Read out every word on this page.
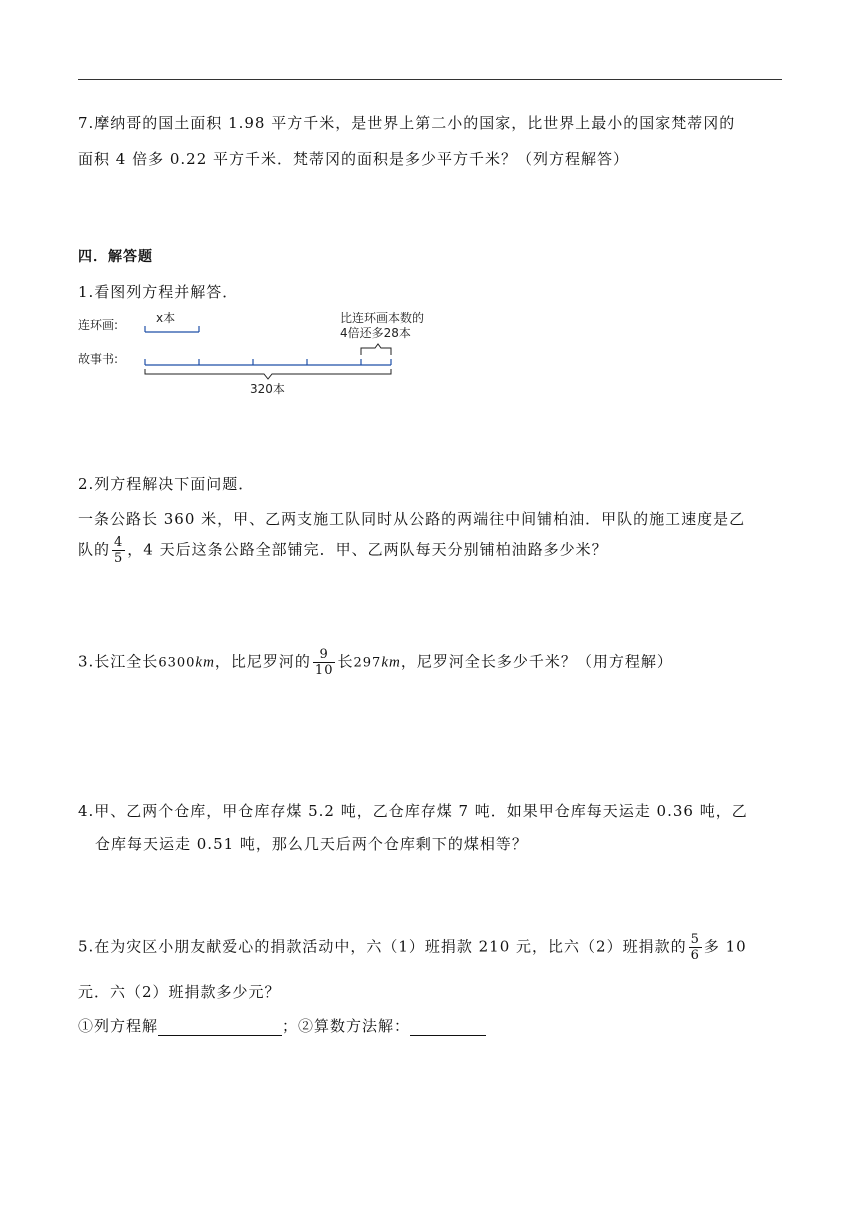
7.摩纳哥的国土面积 1.98 平方千米，是世界上第二小的国家，比世界上最小的国家梵蒂冈的
面积 4 倍多 0.22 平方千米．梵蒂冈的面积是多少平方千米？（列方程解答）
四．解答题
1.看图列方程并解答．
连环画:	x本	比连环画本数的
4倍还多28本
故事书:
320本
2.列方程解决下面问题．
一条公路长 360 米，甲、乙两支施工队同时从公路的两端往中间铺柏油．甲队的施工速度是乙
队的 $\frac{4}{5}$ ，4 天后这条公路全部铺完．甲、乙两队每天分别铺柏油路多少米？
3.长江全长6300km，比尼罗河的 $\frac{9}{10}$ 长297km，尼罗河全长多少千米？（用方程解）
4.甲、乙两个仓库，甲仓库存煤 5.2 吨，乙仓库存煤 7 吨．如果甲仓库每天运走 0.36 吨，乙
仓库每天运走 0.51 吨，那么几天后两个仓库剩下的煤相等？
5.在为灾区小朋友献爱心的捐款活动中，六（1）班捐款 210 元，比六（2）班捐款的 $\frac{5}{6}$ 多 10
元．六（2）班捐款多少元？
①列方程解	；②算数方法解：
